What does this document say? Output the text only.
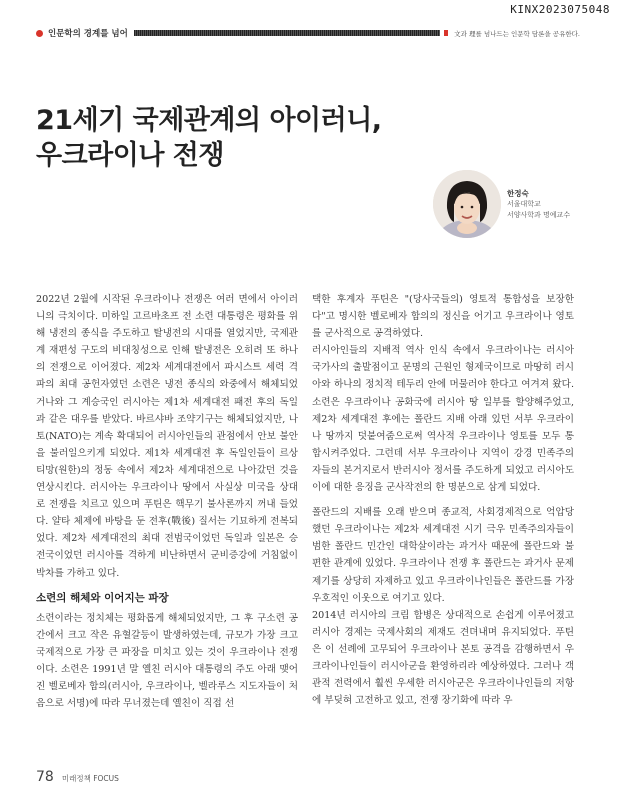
KINX2023075048
인문학의 경계를 넘어	文과 理를 넘나드는 인문학 담론을 공유한다.
21세기 국제관계의 아이러니,
우크라이나 전쟁
한정숙
서울대학교
서양사학과 명예교수

2022년 2월에 시작된 우크라이나 전쟁은 여러 면에서 아이러니의 극치이다. 미하일 고르바초프 전 소련 대통령은 평화를 위해 냉전의 종식을 주도하고 탈냉전의 시대를 열었지만, 국제관계 재편성 구도의 비대칭성으로 인해 탈냉전은 오히려 또 하나의 전쟁으로 이어졌다. 제2차 세계대전에서 파시스트 세력 격파의 최대 공헌자였던 소련은 냉전 종식의 와중에서 해체되었거나와 그 계승국인 러시아는 제1차 세계대전 패전 후의 독일과 같은 대우를 받았다. 바르샤바 조약기구는 해체되었지만, 나토(NATO)는 계속 확대되어 러시아인들의 관점에서 안보 불안을 불러일으키게 되었다. 제1차 세계대전 후 독일인들이 르상티망(원한)의 정동 속에서 제2차 세계대전으로 나아갔던 것을 연상시킨다. 러시아는 우크라이나 땅에서 사실상 미국을 상대로 전쟁을 치르고 있으며 푸틴은 핵무기 불사론까지 꺼내 들었다. 얄타 체제에 바탕을 둔 전후(戰後) 질서는 기묘하게 전복되었다. 제2차 세계대전의 최대 전범국이었던 독일과 일본은 승전국이었던 러시아를 격하게 비난하면서 군비증강에 거침없이 박차를 가하고 있다.

소련의 해체와 이어지는 파장

소련이라는 정치체는 평화롭게 해체되었지만, 그 후 구소련 공간에서 크고 작은 유혈갈등이 발생하였는데, 규모가 가장 크고 국제적으로 가장 큰 파장을 미치고 있는 것이 우크라이나 전쟁이다. 소련은 1991년 말 옐친 러시아 대통령의 주도 아래 맺어진 벨로베자 합의(러시아, 우크라이나, 벨라루스 지도자들이 처음으로 서명)에 따라 무너졌는데 옐친이 직접 선

택한 후계자 푸틴은 "(당사국들의) 영토적 통합성을 보장한다"고 명시한 벨로베자 합의의 정신을 어기고 우크라이나 영토를 군사적으로 공격하였다.

러시아인들의 지배적 역사 인식 속에서 우크라이나는 러시아 국가사의 출발점이고 문명의 근원인 형제국이므로 마땅히 러시아와 하나의 정치적 테두리 안에 머물러야 한다고 여겨져 왔다. 소련은 우크라이나 공화국에 러시아 땅 일부를 할양해주었고, 제2차 세계대전 후에는 폴란드 지배 아래 있던 서부 우크라이나 땅까지 덧붙여줌으로써 역사적 우크라이나 영토를 모두 통합시켜주었다. 그런데 서부 우크라이나 지역이 강경 민족주의자들의 본거지로서 반러시아 정서를 주도하게 되었고 러시아도 이에 대한 응징을 군사작전의 한 명분으로 삼게 되었다.

폴란드의 지배를 오래 받으며 종교적, 사회경제적으로 억압당했던 우크라이나는 제2차 세계대전 시기 극우 민족주의자들이 범한 폴란드 민간인 대학살이라는 과거사 때문에 폴란드와 불편한 관계에 있었다. 우크라이나 전쟁 후 폴란드는 과거사 문제 제기를 상당히 자제하고 있고 우크라이나인들은 폴란드를 가장 우호적인 이웃으로 여기고 있다.

2014년 러시아의 크림 합병은 상대적으로 손쉽게 이루어졌고 러시아 경제는 국제사회의 제재도 견뎌내며 유지되었다. 푸틴은 이 선례에 고무되어 우크라이나 본토 공격을 감행하면서 우크라이나인들이 러시아군을 환영하리라 예상하였다. 그러나 객관적 전력에서 훨씬 우세한 러시아군은 우크라이나인들의 저항에 부딪혀 고전하고 있고, 전쟁 장기화에 따라 우

78 미래정책 FOCUS
